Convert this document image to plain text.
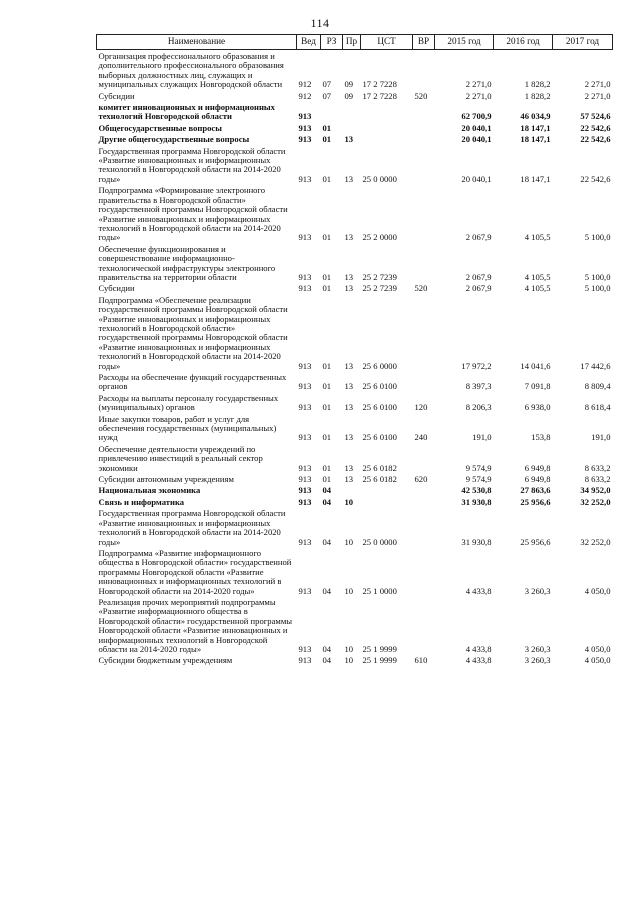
114
Наименование	Вед	РЗ	Пр	ЦСТ	ВР	2015 год	2016 год	2017 год
Организация профессионального образования и дополнительного профессионального образования выборных должностных лиц, служащих и муниципальных служащих Новгородской области	912	07	09	17 2 7228		2 271,0	1 828,2	2 271,0
Субсидии	912	07	09	17 2 7228	520	2 271,0	1 828,2	2 271,0
комитет инновационных и информационных технологий Новгородской области	913					62 700,9	46 034,9	57 524,6
Общегосударственные вопросы	913	01				20 040,1	18 147,1	22 542,6
Другие общегосударственные вопросы	913	01	13			20 040,1	18 147,1	22 542,6
Государственная программа Новгородской области «Развитие инновационных и информационных технологий в Новгородской области на 2014-2020 годы»	913	01	13	25 0 0000		20 040,1	18 147,1	22 542,6
Подпрограмма «Формирование электронного правительства в Новгородской области» государственной программы Новгородской области «Развитие инновационных и информационных технологий в Новгородской области на 2014-2020 годы»	913	01	13	25 2 0000		2 067,9	4 105,5	5 100,0
Обеспечение функционирования и совершенствование информационно-технологической инфраструктуры электронного правительства на территории области	913	01	13	25 2 7239		2 067,9	4 105,5	5 100,0
Субсидии	913	01	13	25 2 7239	520	2 067,9	4 105,5	5 100,0
Подпрограмма «Обеспечение реализации государственной программы Новгородской области «Развитие инновационных и информационных технологий в Новгородской области» государственной программы Новгородской области «Развитие инновационных и информационных технологий в Новгородской области на 2014-2020 годы»	913	01	13	25 6 0000		17 972,2	14 041,6	17 442,6
Расходы на обеспечение функций государственных органов	913	01	13	25 6 0100		8 397,3	7 091,8	8 809,4
Расходы на выплаты персоналу государственных (муниципальных) органов	913	01	13	25 6 0100	120	8 206,3	6 938,0	8 618,4
Иные закупки товаров, работ и услуг для обеспечения государственных (муниципальных) нужд	913	01	13	25 6 0100	240	191,0	153,8	191,0
Обеспечение деятельности учреждений по привлечению инвестиций в реальный сектор экономики	913	01	13	25 6 0182		9 574,9	6 949,8	8 633,2
Субсидии автономным учреждениям	913	01	13	25 6 0182	620	9 574,9	6 949,8	8 633,2
Национальная экономика	913	04				42 530,8	27 863,6	34 952,0
Связь и информатика	913	04	10			31 930,8	25 956,6	32 252,0
Государственная программа Новгородской области «Развитие инновационных и информационных технологий в Новгородской области на 2014-2020 годы»	913	04	10	25 0 0000		31 930,8	25 956,6	32 252,0
Подпрограмма «Развитие информационного общества в Новгородской области» государственной программы Новгородской области «Развитие инновационных и информационных технологий в Новгородской области на 2014-2020 годы»	913	04	10	25 1 0000		4 433,8	3 260,3	4 050,0
Реализация прочих мероприятий подпрограммы «Развитие информационного общества в Новгородской области» государственной программы Новгородской области «Развитие инновационных и информационных технологий в Новгородской области на 2014-2020 годы»	913	04	10	25 1 9999		4 433,8	3 260,3	4 050,0
Субсидии бюджетным учреждениям	913	04	10	25 1 9999	610	4 433,8	3 260,3	4 050,0
